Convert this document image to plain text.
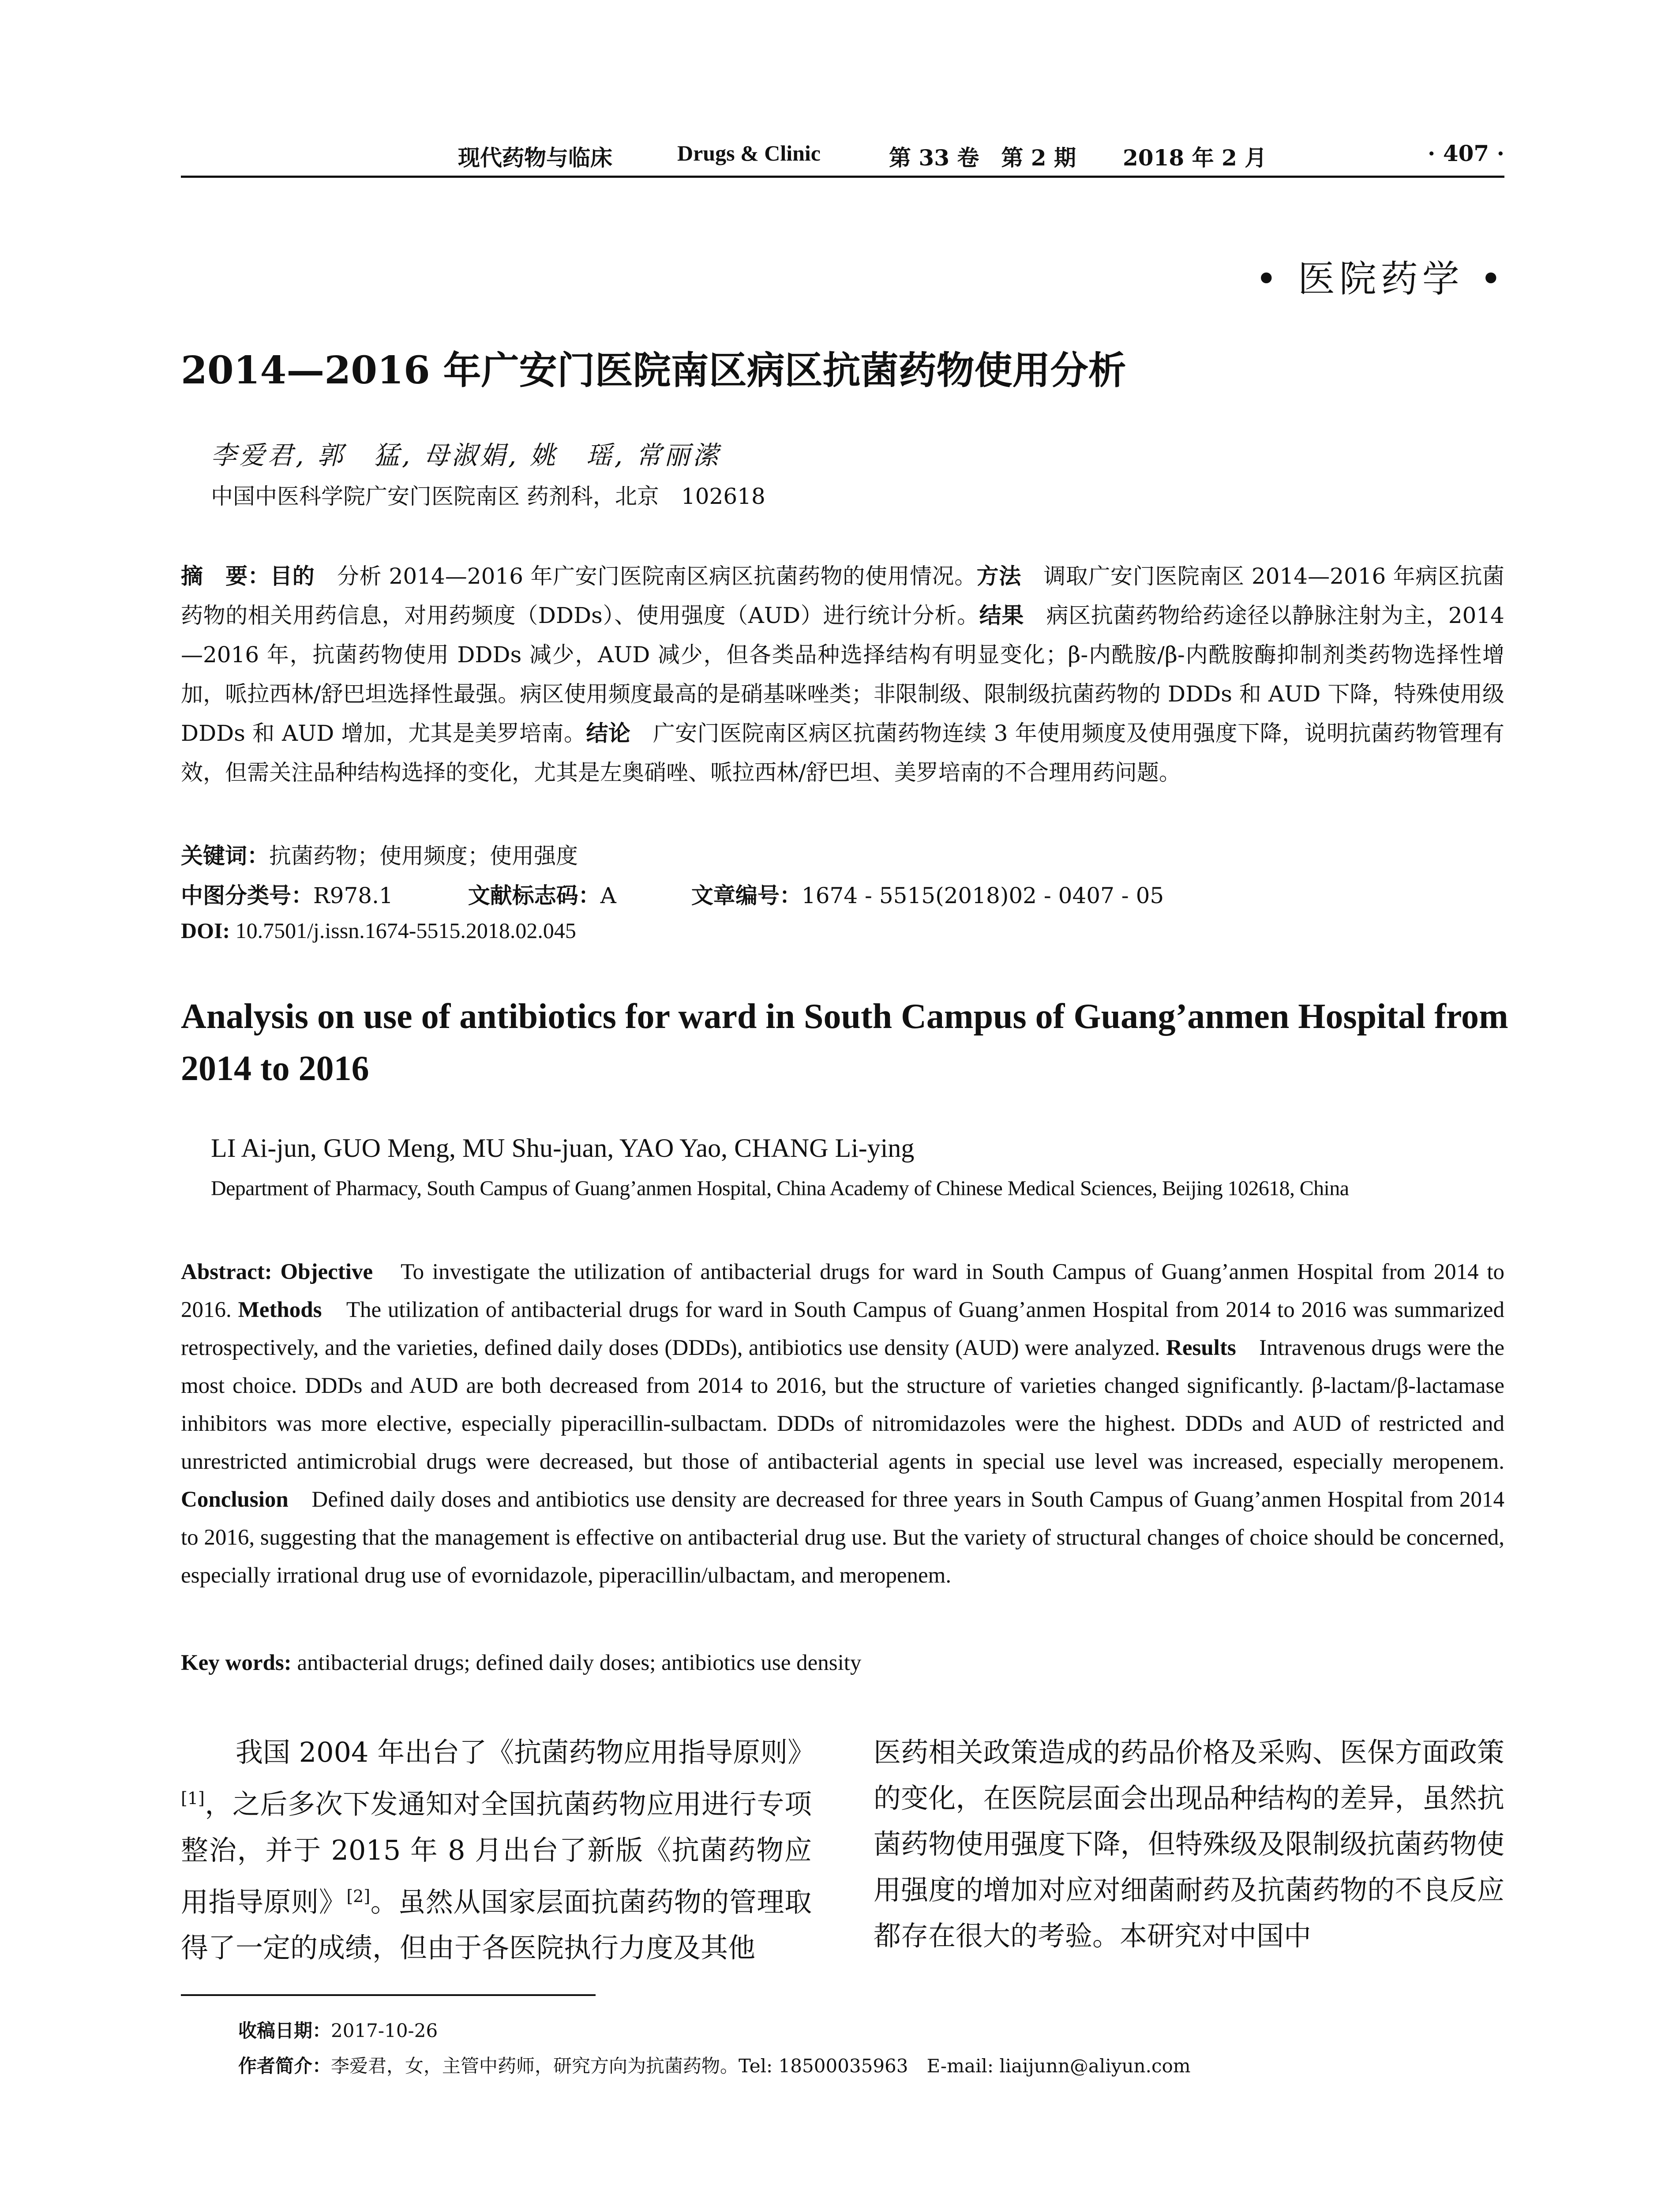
现代药物与临床	Drugs & Clinic	第 33 卷　第 2 期 2018 年 2 月	· 407 ·
• 医院药学 •
2014—2016 年广安门医院南区病区抗菌药物使用分析
李爱君, 郭　猛, 母淑娟, 姚　瑶, 常丽潆
中国中医科学院广安门医院南区 药剂科，北京　102618
摘　要：目的　分析 2014—2016 年广安门医院南区病区抗菌药物的使用情况。方法　调取广安门医院南区 2014—2016 年病区抗菌药物的相关用药信息，对用药频度（DDDs）、使用强度（AUD）进行统计分析。结果　病区抗菌药物给药途径以静脉注射为主，2014—2016 年，抗菌药物使用 DDDs 减少，AUD 减少，但各类品种选择结构有明显变化；β-内酰胺/β-内酰胺酶抑制剂类药物选择性增加，哌拉西林/舒巴坦选择性最强。病区使用频度最高的是硝基咪唑类；非限制级、限制级抗菌药物的 DDDs 和 AUD 下降，特殊使用级 DDDs 和 AUD 增加，尤其是美罗培南。结论　广安门医院南区病区抗菌药物连续 3 年使用频度及使用强度下降，说明抗菌药物管理有效，但需关注品种结构选择的变化，尤其是左奥硝唑、哌拉西林/舒巴坦、美罗培南的不合理用药问题。
关键词：抗菌药物；使用频度；使用强度
中图分类号：R978.1	文献标志码：A	文章编号：1674 - 5515(2018)02 - 0407 - 05
DOI: 10.7501/j.issn.1674-5515.2018.02.045
Analysis on use of antibiotics for ward in South Campus of Guang’anmen Hospital from 2014 to 2016
LI Ai-jun, GUO Meng, MU Shu-juan, YAO Yao, CHANG Li-ying
Department of Pharmacy, South Campus of Guang’anmen Hospital, China Academy of Chinese Medical Sciences, Beijing 102618, China
Abstract: Objective　To investigate the utilization of antibacterial drugs for ward in South Campus of Guang’anmen Hospital from 2014 to 2016. Methods　The utilization of antibacterial drugs for ward in South Campus of Guang’anmen Hospital from 2014 to 2016 was summarized retrospectively, and the varieties, defined daily doses (DDDs), antibiotics use density (AUD) were analyzed. Results　Intravenous drugs were the most choice. DDDs and AUD are both decreased from 2014 to 2016, but the structure of varieties changed significantly. β-lactam/β-lactamase inhibitors was more elective, especially piperacillin-sulbactam. DDDs of nitromidazoles were the highest. DDDs and AUD of restricted and unrestricted antimicrobial drugs were decreased, but those of antibacterial agents in special use level was increased, especially meropenem. Conclusion　Defined daily doses and antibiotics use density are decreased for three years in South Campus of Guang’anmen Hospital from 2014 to 2016, suggesting that the management is effective on antibacterial drug use. But the variety of structural changes of choice should be concerned, especially irrational drug use of evornidazole, piperacillin/ulbactam, and meropenem.
Key words: antibacterial drugs; defined daily doses; antibiotics use density
我国 2004 年出台了《抗菌药物应用指导原则》[1]，之后多次下发通知对全国抗菌药物应用进行专项整治，并于 2015 年 8 月出台了新版《抗菌药物应用指导原则》[2]。虽然从国家层面抗菌药物的管理取得了一定的成绩，但由于各医院执行力度及其他
医药相关政策造成的药品价格及采购、医保方面政策的变化，在医院层面会出现品种结构的差异，虽然抗菌药物使用强度下降，但特殊级及限制级抗菌药物使用强度的增加对应对细菌耐药及抗菌药物的不良反应都存在很大的考验。本研究对中国中
收稿日期：2017-10-26
作者简介：李爱君，女，主管中药师，研究方向为抗菌药物。Tel: 18500035963　E-mail: liaijunn@aliyun.com
